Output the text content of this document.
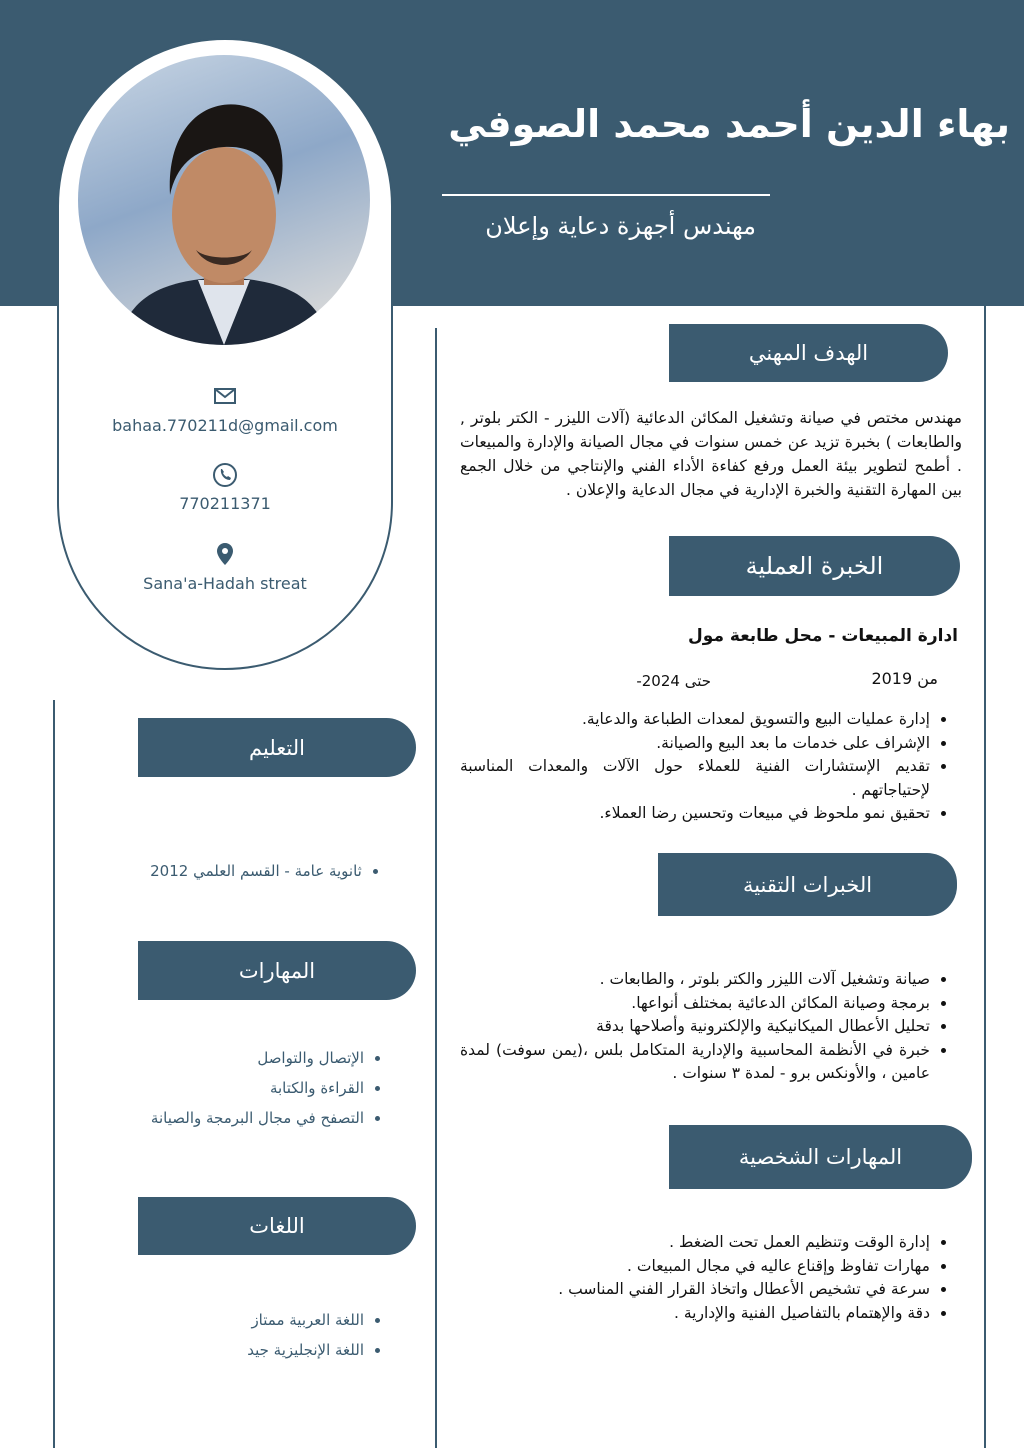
بهاء الدين أحمد محمد الصوفي
مهندس أجهزة دعاية وإعلان
bahaa.770211d@gmail.com
770211371
Sana'a-Hadah streat
التعليم
• ثانوية عامة - القسم العلمي 2012
المهارات
• الإتصال والتواصل
• القراءة والكتابة
• التصفح في مجال البرمجة والصيانة
اللغات
• اللغة العربية ممتاز
• اللغة الإنجليزية جيد
الهدف المهني

مهندس مختص في صيانة وتشغيل المكائن الدعائية (آلات الليزر - الكتر بلوتر , والطابعات ) بخبرة تزيد عن خمس سنوات في مجال الصيانة والإدارة والمبيعات . أطمح لتطوير بيئة العمل ورفع كفاءة الأداء الفني والإنتاجي من خلال الجمع بين المهارة التقنية والخبرة الإدارية في مجال الدعاية والإعلان .

الخبرة العملية
ادارة المبيعات - محل طابعة مول
من 2019
حتى 2024-
• إدارة عمليات البيع والتسويق لمعدات الطباعة والدعاية.
• الإشراف على خدمات ما بعد البيع والصيانة.
• تقديم الإستشارات الفنية للعملاء حول الآلات والمعدات المناسبة لإحتياجاتهم .
• تحقيق نمو ملحوظ في مبيعات وتحسين رضا العملاء.
الخبرات التقنية
• صيانة وتشغيل آلات الليزر والكتر بلوتر ، والطابعات .
• برمجة وصيانة المكائن الدعائية بمختلف أنواعها.
• تحليل الأعطال الميكانيكية والإلكترونية وأصلاحها بدقة
• خبرة في الأنظمة المحاسبية والإدارية المتكامل بلس ،(يمن سوفت) لمدة عامين ، والأونكس برو - لمدة ٣ سنوات .
المهارات الشخصية
• إدارة الوقت وتنظيم العمل تحت الضغط .
• مهارات تفاوظ وإقناع عاليه في مجال المبيعات .
• سرعة في تشخيص الأعطال واتخاذ القرار الفني المناسب .
• دقة والإهتمام بالتفاصيل الفنية والإدارية .
